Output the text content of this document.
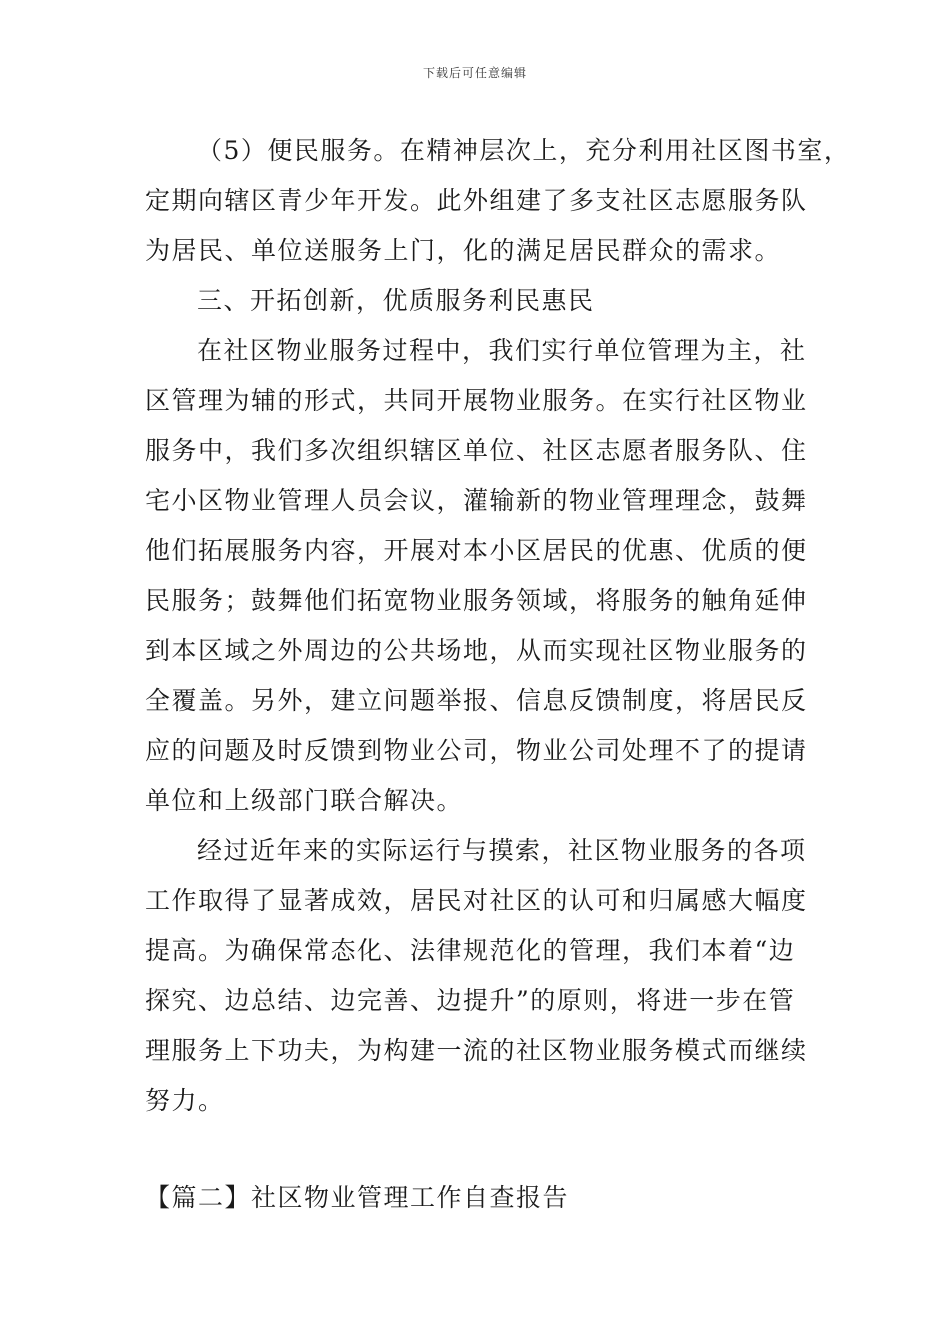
下载后可任意编辑
（5）便民服务。在精神层次上，充分利用社区图书室，
定期向辖区青少年开发。此外组建了多支社区志愿服务队
为居民、单位送服务上门，化的满足居民群众的需求。
三、开拓创新，优质服务利民惠民
在社区物业服务过程中，我们实行单位管理为主，社
区管理为辅的形式，共同开展物业服务。在实行社区物业
服务中，我们多次组织辖区单位、社区志愿者服务队、住
宅小区物业管理人员会议，灌输新的物业管理理念，鼓舞
他们拓展服务内容，开展对本小区居民的优惠、优质的便
民服务；鼓舞他们拓宽物业服务领域，将服务的触角延伸
到本区域之外周边的公共场地，从而实现社区物业服务的
全覆盖。另外，建立问题举报、信息反馈制度，将居民反
应的问题及时反馈到物业公司，物业公司处理不了的提请
单位和上级部门联合解决。
经过近年来的实际运行与摸索，社区物业服务的各项
工作取得了显著成效，居民对社区的认可和归属感大幅度
提高。为确保常态化、法律规范化的管理，我们本着“边
探究、边总结、边完善、边提升”的原则，将进一步在管
理服务上下功夫，为构建一流的社区物业服务模式而继续
努力。
【篇二】社区物业管理工作自查报告
